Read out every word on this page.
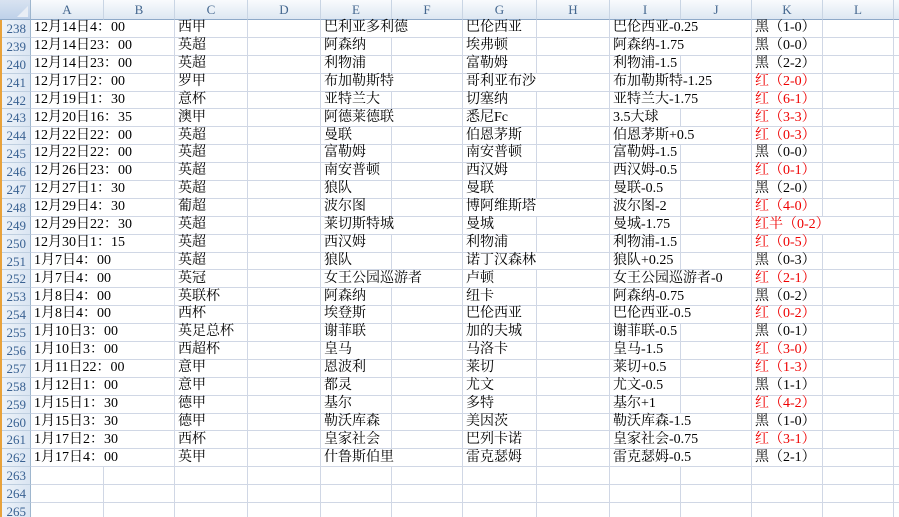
A	B	C	D	E	F	G	H	I	J	K	L
238 12月14日4：00	西甲	巴利亚多利德	巴伦西亚	巴伦西亚-0.25	黑（1-0）
239 12月14日23：00	英超	阿森纳	埃弗顿	阿森纳-1.75	黑（0-0）
240 12月14日23：00	英超	利物浦	富勒姆	利物浦-1.5	黑（2-2）
241 12月17日2：00	罗甲	布加勒斯特	哥利亚布沙	布加勒斯特-1.25	红（2-0）
242 12月19日1：30	意杯	亚特兰大	切塞纳	亚特兰大-1.75	红（6-1）
243 12月20日16：35	澳甲	阿德莱德联	悉尼Fc	3.5大球	红（3-3）
244 12月22日22：00	英超	曼联	伯恩茅斯	伯恩茅斯+0.5	红（0-3）
245 12月22日22：00	英超	富勒姆	南安普顿	富勒姆-1.5	黑（0-0）
246 12月26日23：00	英超	南安普顿	西汉姆	西汉姆-0.5	红（0-1）
247 12月27日1：30	英超	狼队	曼联	曼联-0.5	黑（2-0）
248 12月29日4：30	葡超	波尔图	博阿维斯塔	波尔图-2	红（4-0）
249 12月29日22：30	英超	莱切斯特城	曼城	曼城-1.75	红半（0-2）
250 12月30日1：15	英超	西汉姆	利物浦	利物浦-1.5	红（0-5）
251 1月7日4：00	英超	狼队	诺丁汉森林	狼队+0.25	黑（0-3）
252 1月7日4：00	英冠	女王公园巡游者	卢顿	女王公园巡游者-0 红（2-1）
253 1月8日4：00	英联杯	阿森纳	纽卡	阿森纳-0.75	黑（0-2）
254 1月8日4：00	西杯	埃登斯	巴伦西亚	巴伦西亚-0.5	红（0-2）
255 1月10日3：00	英足总杯	谢菲联	加的夫城	谢菲联-0.5	黑（0-1）
256 1月10日3：00	西超杯	皇马	马洛卡	皇马-1.5	红（3-0）
257 1月11日22：00	意甲	恩波利	莱切	莱切+0.5	红（1-3）
258 1月12日1：00	意甲	都灵	尤文	尤文-0.5	黑（1-1）
259 1月15日1：30	德甲	基尔	多特	基尔+1	红（4-2）
260 1月15日3：30	德甲	勒沃库森	美因茨	勒沃库森-1.5	黑（1-0）
261 1月17日2：30	西杯	皇家社会	巴列卡诺	皇家社会-0.75	红（3-1）
262 1月17日4：00	英甲	什鲁斯伯里	雷克瑟姆	雷克瑟姆-0.5	黑（2-1）
263
264
265
